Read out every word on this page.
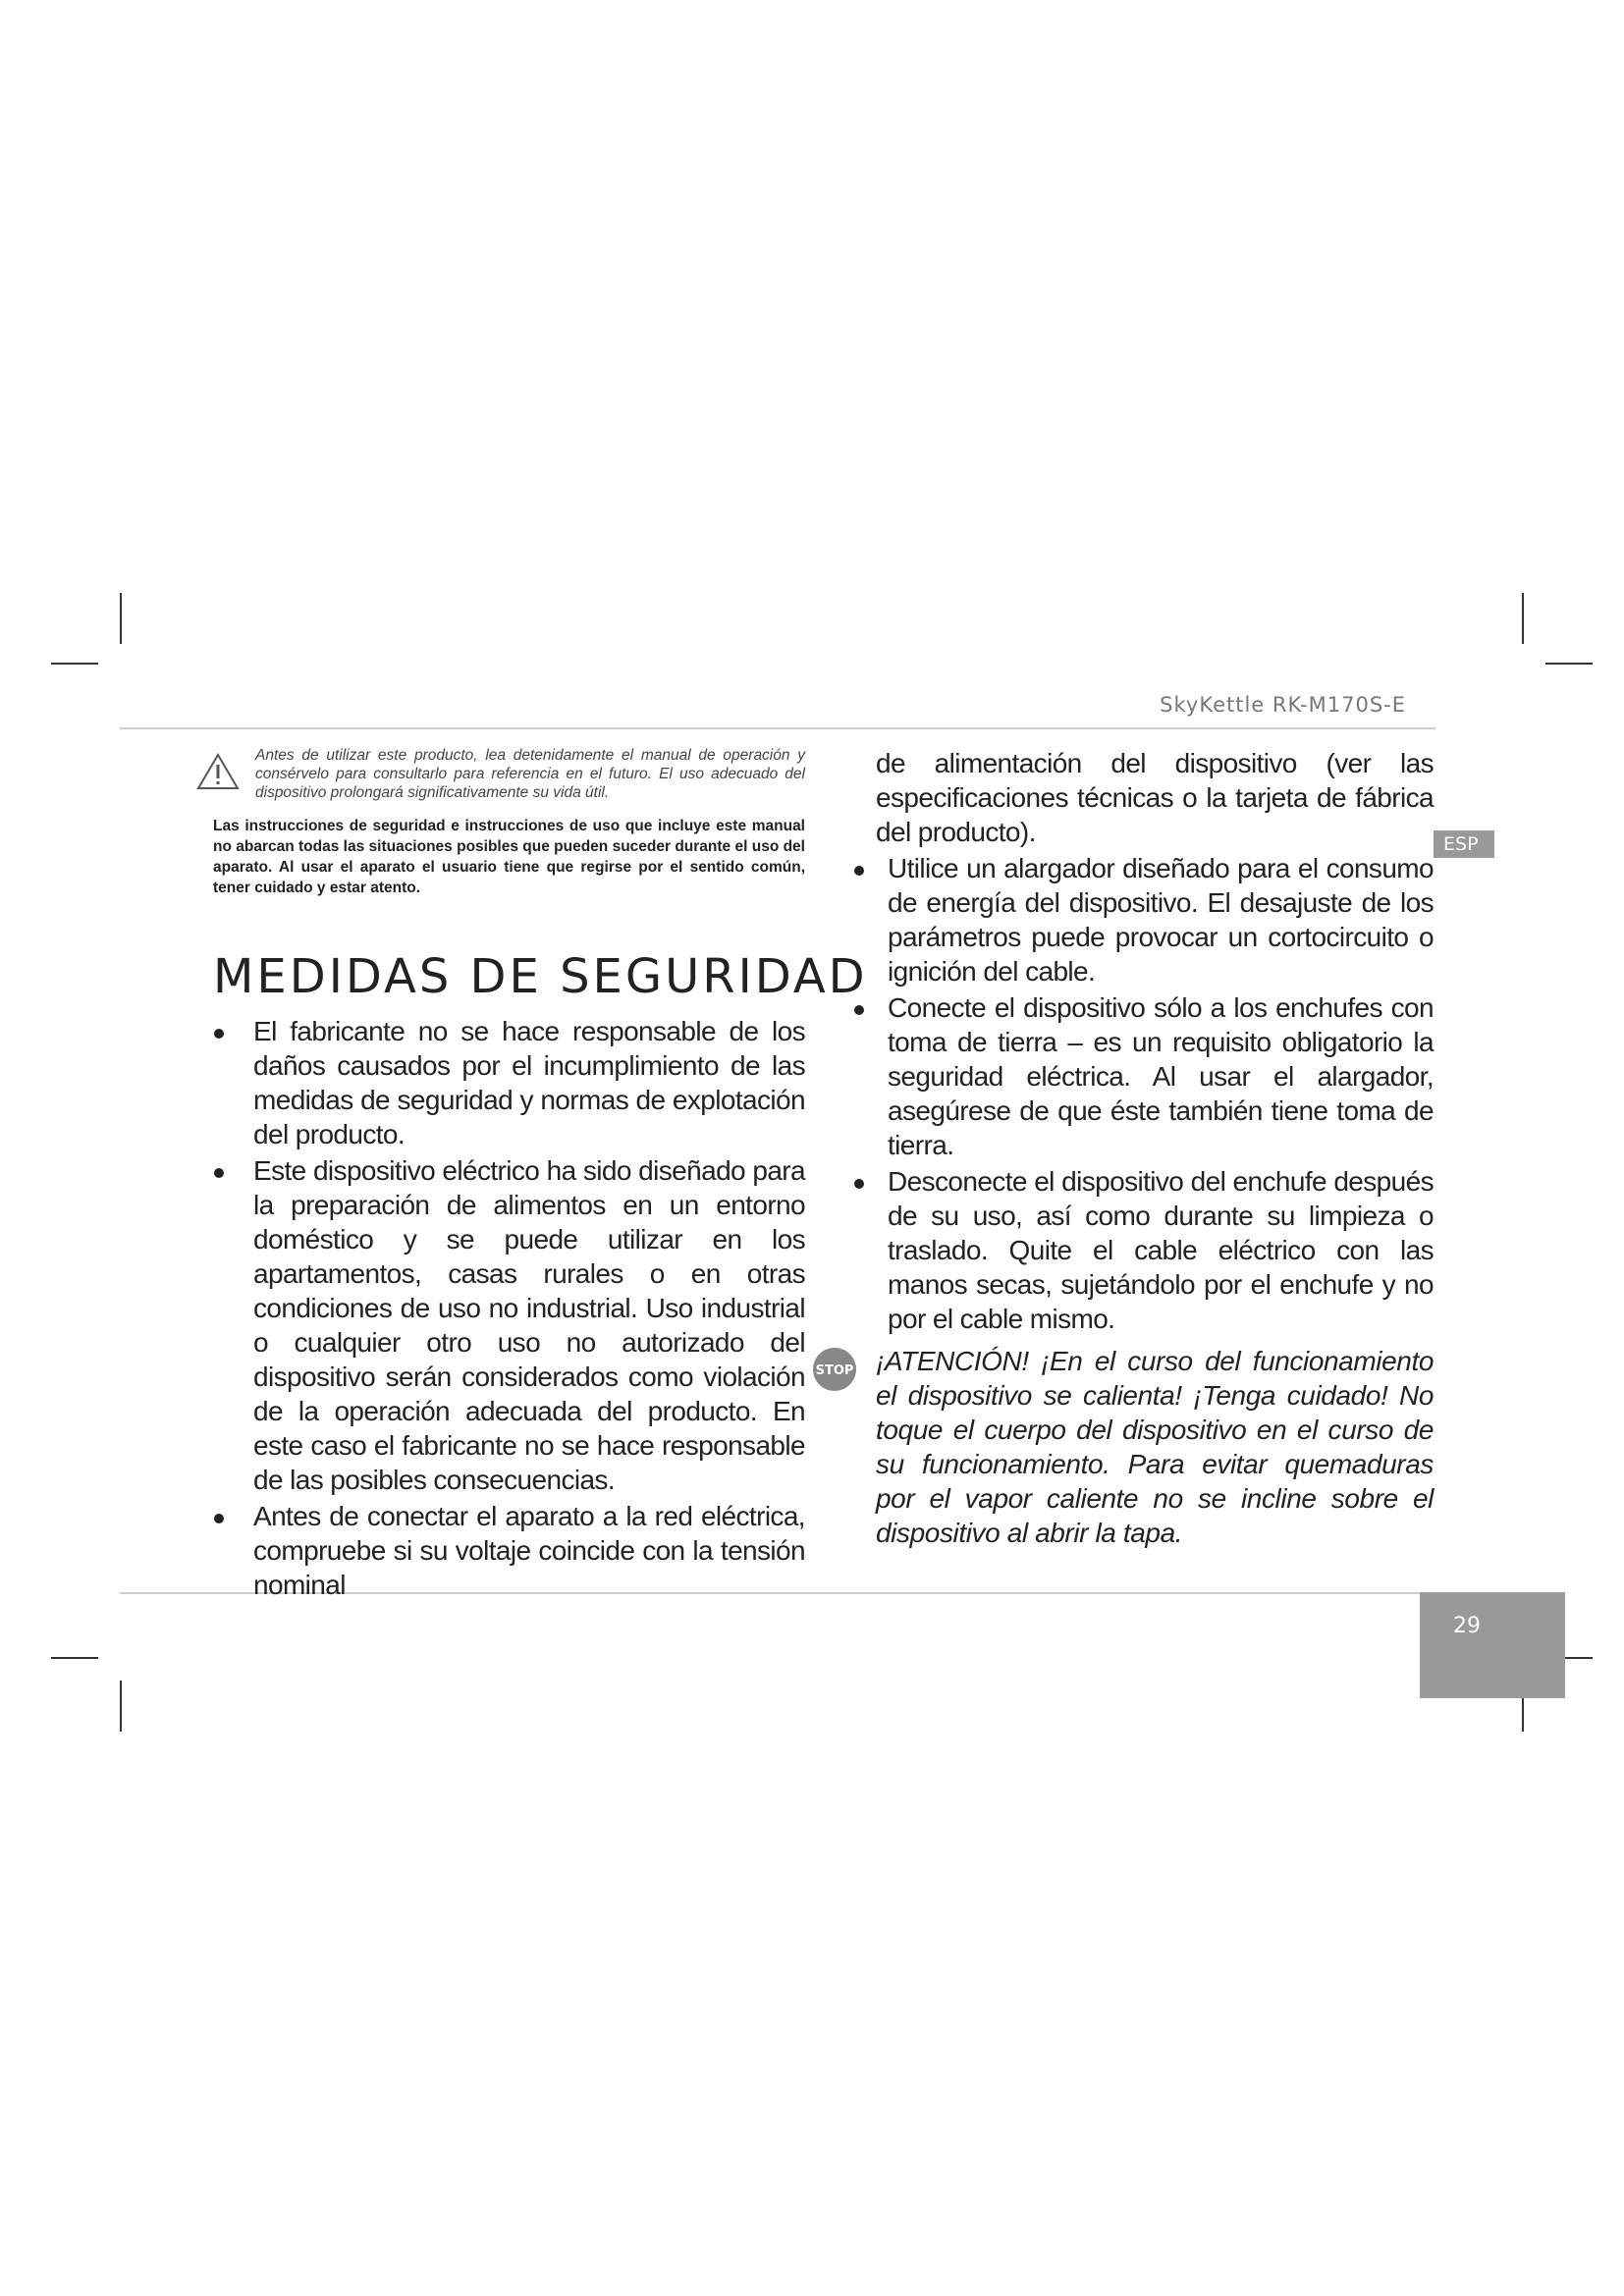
SkyKettle RK-M170S-E
ESP
29

Antes de utilizar este producto, lea detenidamente el manual de operación y consérvelo para consultarlo para referencia en el futuro. El uso adecuado del dispositivo prolongará significativamente su vida útil.

Las instrucciones de seguridad e instrucciones de uso que incluye este manual no abarcan todas las situaciones posibles que pueden suceder durante el uso del aparato. Al usar el aparato el usuario tiene que regirse por el sentido común, tener cuidado y estar atento.

MEDIDAS DE SEGURIDAD
El fabricante no se hace responsable de los daños causados por el incumplimiento de las medidas de seguridad y normas de explotación del producto.
Este dispositivo eléctrico ha sido diseñado para la preparación de alimentos en un entorno doméstico y se puede utilizar en los apartamentos, casas rurales o en otras condiciones de uso no industrial. Uso industrial o cualquier otro uso no autorizado del dispositivo serán considerados como violación de la operación adecuada del producto. En este caso el fabricante no se hace responsable de las posibles consecuencias.
Antes de conectar el aparato a la red eléctrica, compruebe si su voltaje coincide con la tensión nominal

de alimentación del dispositivo (ver las especificaciones técnicas o la tarjeta de fábrica del producto).

Utilice un alargador diseñado para el consumo de energía del dispositivo. El desajuste de los parámetros puede provocar un cortocircuito o ignición del cable.
Conecte el dispositivo sólo a los enchufes con toma de tierra – es un requisito obligatorio la seguridad eléctrica. Al usar el alargador, asegúrese de que éste también tiene toma de tierra.
Desconecte el dispositivo del enchufe después de su uso, así como durante su limpieza o traslado. Quite el cable eléctrico con las manos secas, sujetándolo por el enchufe y no por el cable mismo.
STOP ¡ATENCIÓN! ¡En el curso del funcionamiento el dispositivo se calienta! ¡Tenga cuidado! No toque el cuerpo del dispositivo en el curso de su funcionamiento. Para evitar quemaduras por el vapor caliente no se incline sobre el dispositivo al abrir la tapa.
